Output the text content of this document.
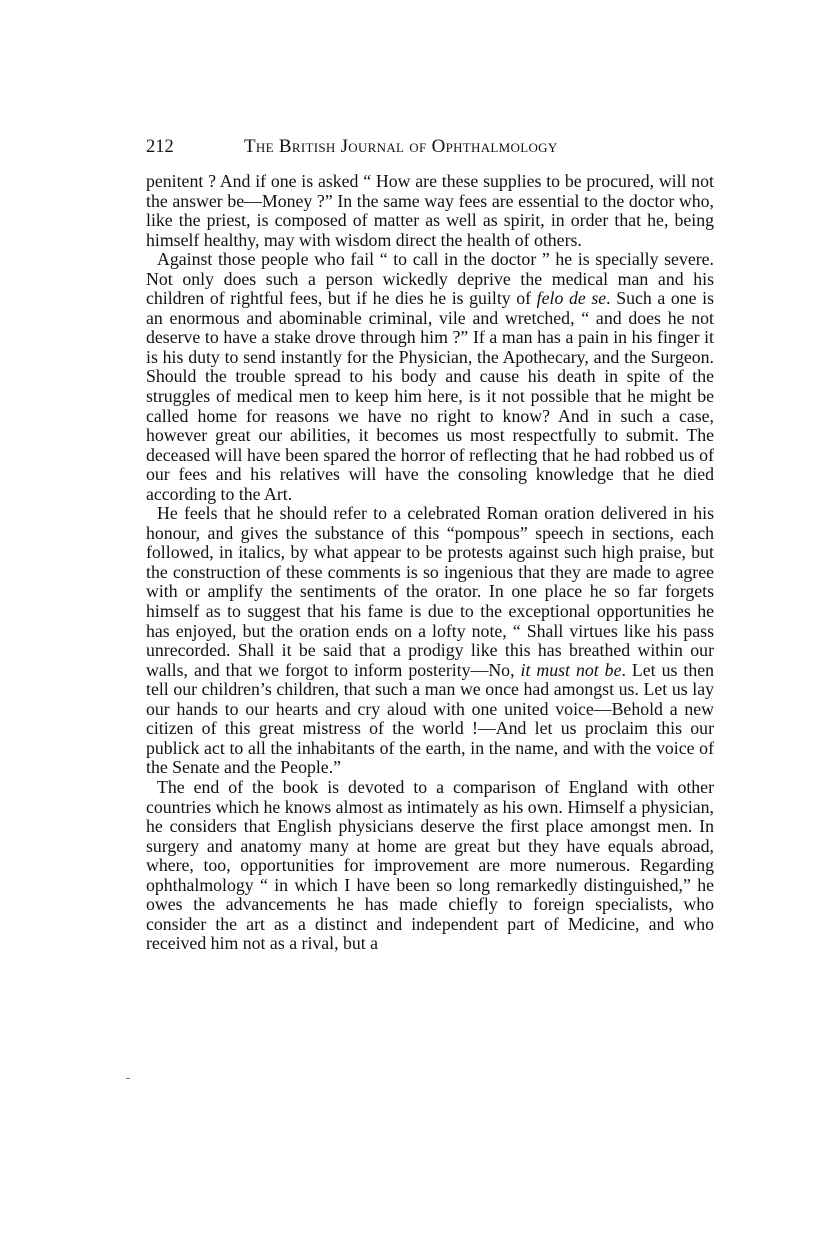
212	The British Journal of Ophthalmology

penitent ? And if one is asked “ How are these supplies to be procured, will not the answer be—Money ?” In the same way fees are essential to the doctor who, like the priest, is composed of matter as well as spirit, in order that he, being himself healthy, may with wisdom direct the health of others.

Against those people who fail “ to call in the doctor ” he is specially severe. Not only does such a person wickedly deprive the medical man and his children of rightful fees, but if he dies he is guilty of felo de se. Such a one is an enormous and abominable criminal, vile and wretched, “ and does he not deserve to have a stake drove through him ?” If a man has a pain in his finger it is his duty to send instantly for the Physician, the Apothecary, and the Surgeon. Should the trouble spread to his body and cause his death in spite of the struggles of medical men to keep him here, is it not possible that he might be called home for reasons we have no right to know? And in such a case, however great our abilities, it becomes us most respectfully to submit. The deceased will have been spared the horror of reflecting that he had robbed us of our fees and his relatives will have the consoling knowledge that he died according to the Art.

He feels that he should refer to a celebrated Roman oration delivered in his honour, and gives the substance of this “pompous” speech in sections, each followed, in italics, by what appear to be protests against such high praise, but the construction of these comments is so ingenious that they are made to agree with or amplify the sentiments of the orator. In one place he so far forgets himself as to suggest that his fame is due to the exceptional opportunities he has enjoyed, but the oration ends on a lofty note, “ Shall virtues like his pass unrecorded. Shall it be said that a prodigy like this has breathed within our walls, and that we forgot to inform posterity—No, it must not be. Let us then tell our children’s children, that such a man we once had amongst us. Let us lay our hands to our hearts and cry aloud with one united voice—Behold a new citizen of this great mistress of the world !—And let us proclaim this our publick act to all the inhabitants of the earth, in the name, and with the voice of the Senate and the People.”

The end of the book is devoted to a comparison of England with other countries which he knows almost as intimately as his own. Himself a physician, he considers that English physicians deserve the first place amongst men. In surgery and anatomy many at home are great but they have equals abroad, where, too, opportunities for improvement are more numerous. Regarding ophthalmology “ in which I have been so long remarkedly distinguished,” he owes the advancements he has made chiefly to foreign specialists, who consider the art as a distinct and independent part of Medicine, and who received him not as a rival, but a
